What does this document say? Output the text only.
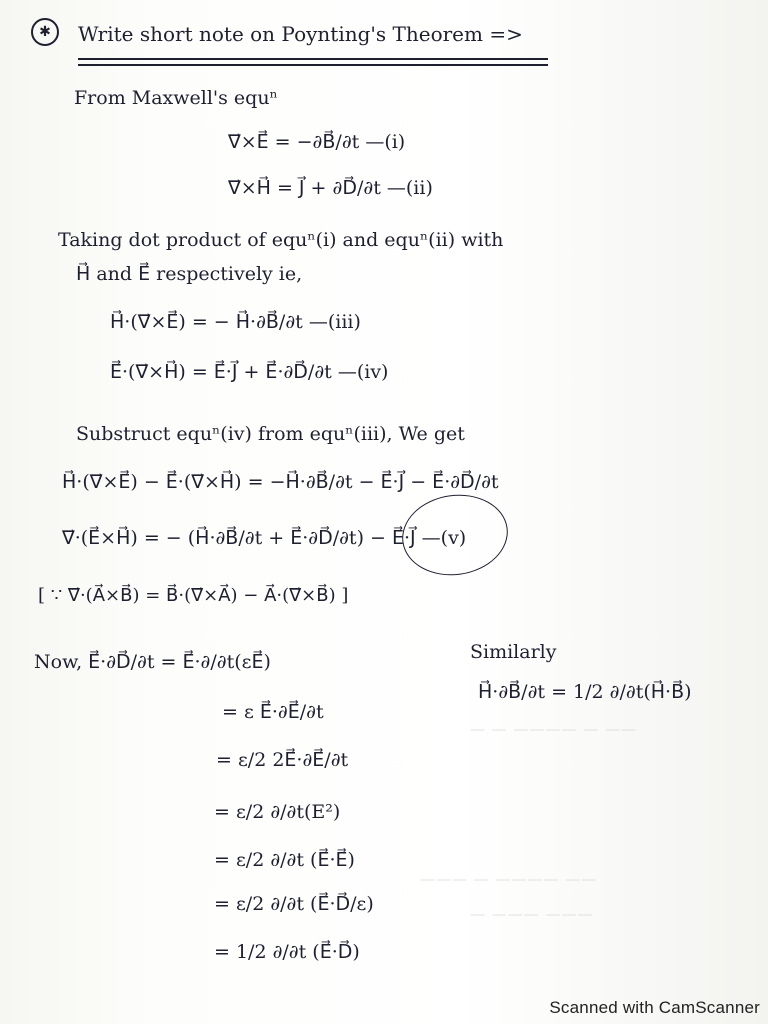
— — ———— — ——
——— — ———— ——
— ——— ———
✱	Write short note on Poynting's Theorem =>
From Maxwell's equⁿ
∇⃗×E⃗ = −∂B⃗/∂t —(i)
∇⃗×H⃗ = J⃗ + ∂D⃗/∂t —(ii)
Taking dot product of equⁿ(i) and equⁿ(ii) with
H⃗ and E⃗ respectively ie,
H⃗·(∇⃗×E⃗) = − H⃗·∂B⃗/∂t —(iii)
E⃗·(∇⃗×H⃗) = E⃗·J⃗ + E⃗·∂D⃗/∂t —(iv)
Substruct equⁿ(iv) from equⁿ(iii), We get
H⃗·(∇⃗×E⃗) − E⃗·(∇⃗×H⃗) = −H⃗·∂B⃗/∂t − E⃗·J⃗ − E⃗·∂D⃗/∂t
∇⃗·(E⃗×H⃗) = − (H⃗·∂B⃗/∂t + E⃗·∂D⃗/∂t) − E⃗·J⃗ —(v)
[ ∵ ∇⃗·(A⃗×B⃗) = B⃗·(∇⃗×A⃗) − A⃗·(∇⃗×B⃗) ]
Now, E⃗·∂D⃗/∂t = E⃗·∂/∂t(εE⃗)
= ε E⃗·∂E⃗/∂t
= ε/2 2E⃗·∂E⃗/∂t
= ε/2 ∂/∂t(E²)
= ε/2 ∂/∂t (E⃗·E⃗)
= ε/2 ∂/∂t (E⃗·D⃗/ε)
= 1/2 ∂/∂t (E⃗·D⃗)
Similarly
H⃗·∂B⃗/∂t = 1/2 ∂/∂t(H⃗·B⃗)
Scanned with CamScanner
